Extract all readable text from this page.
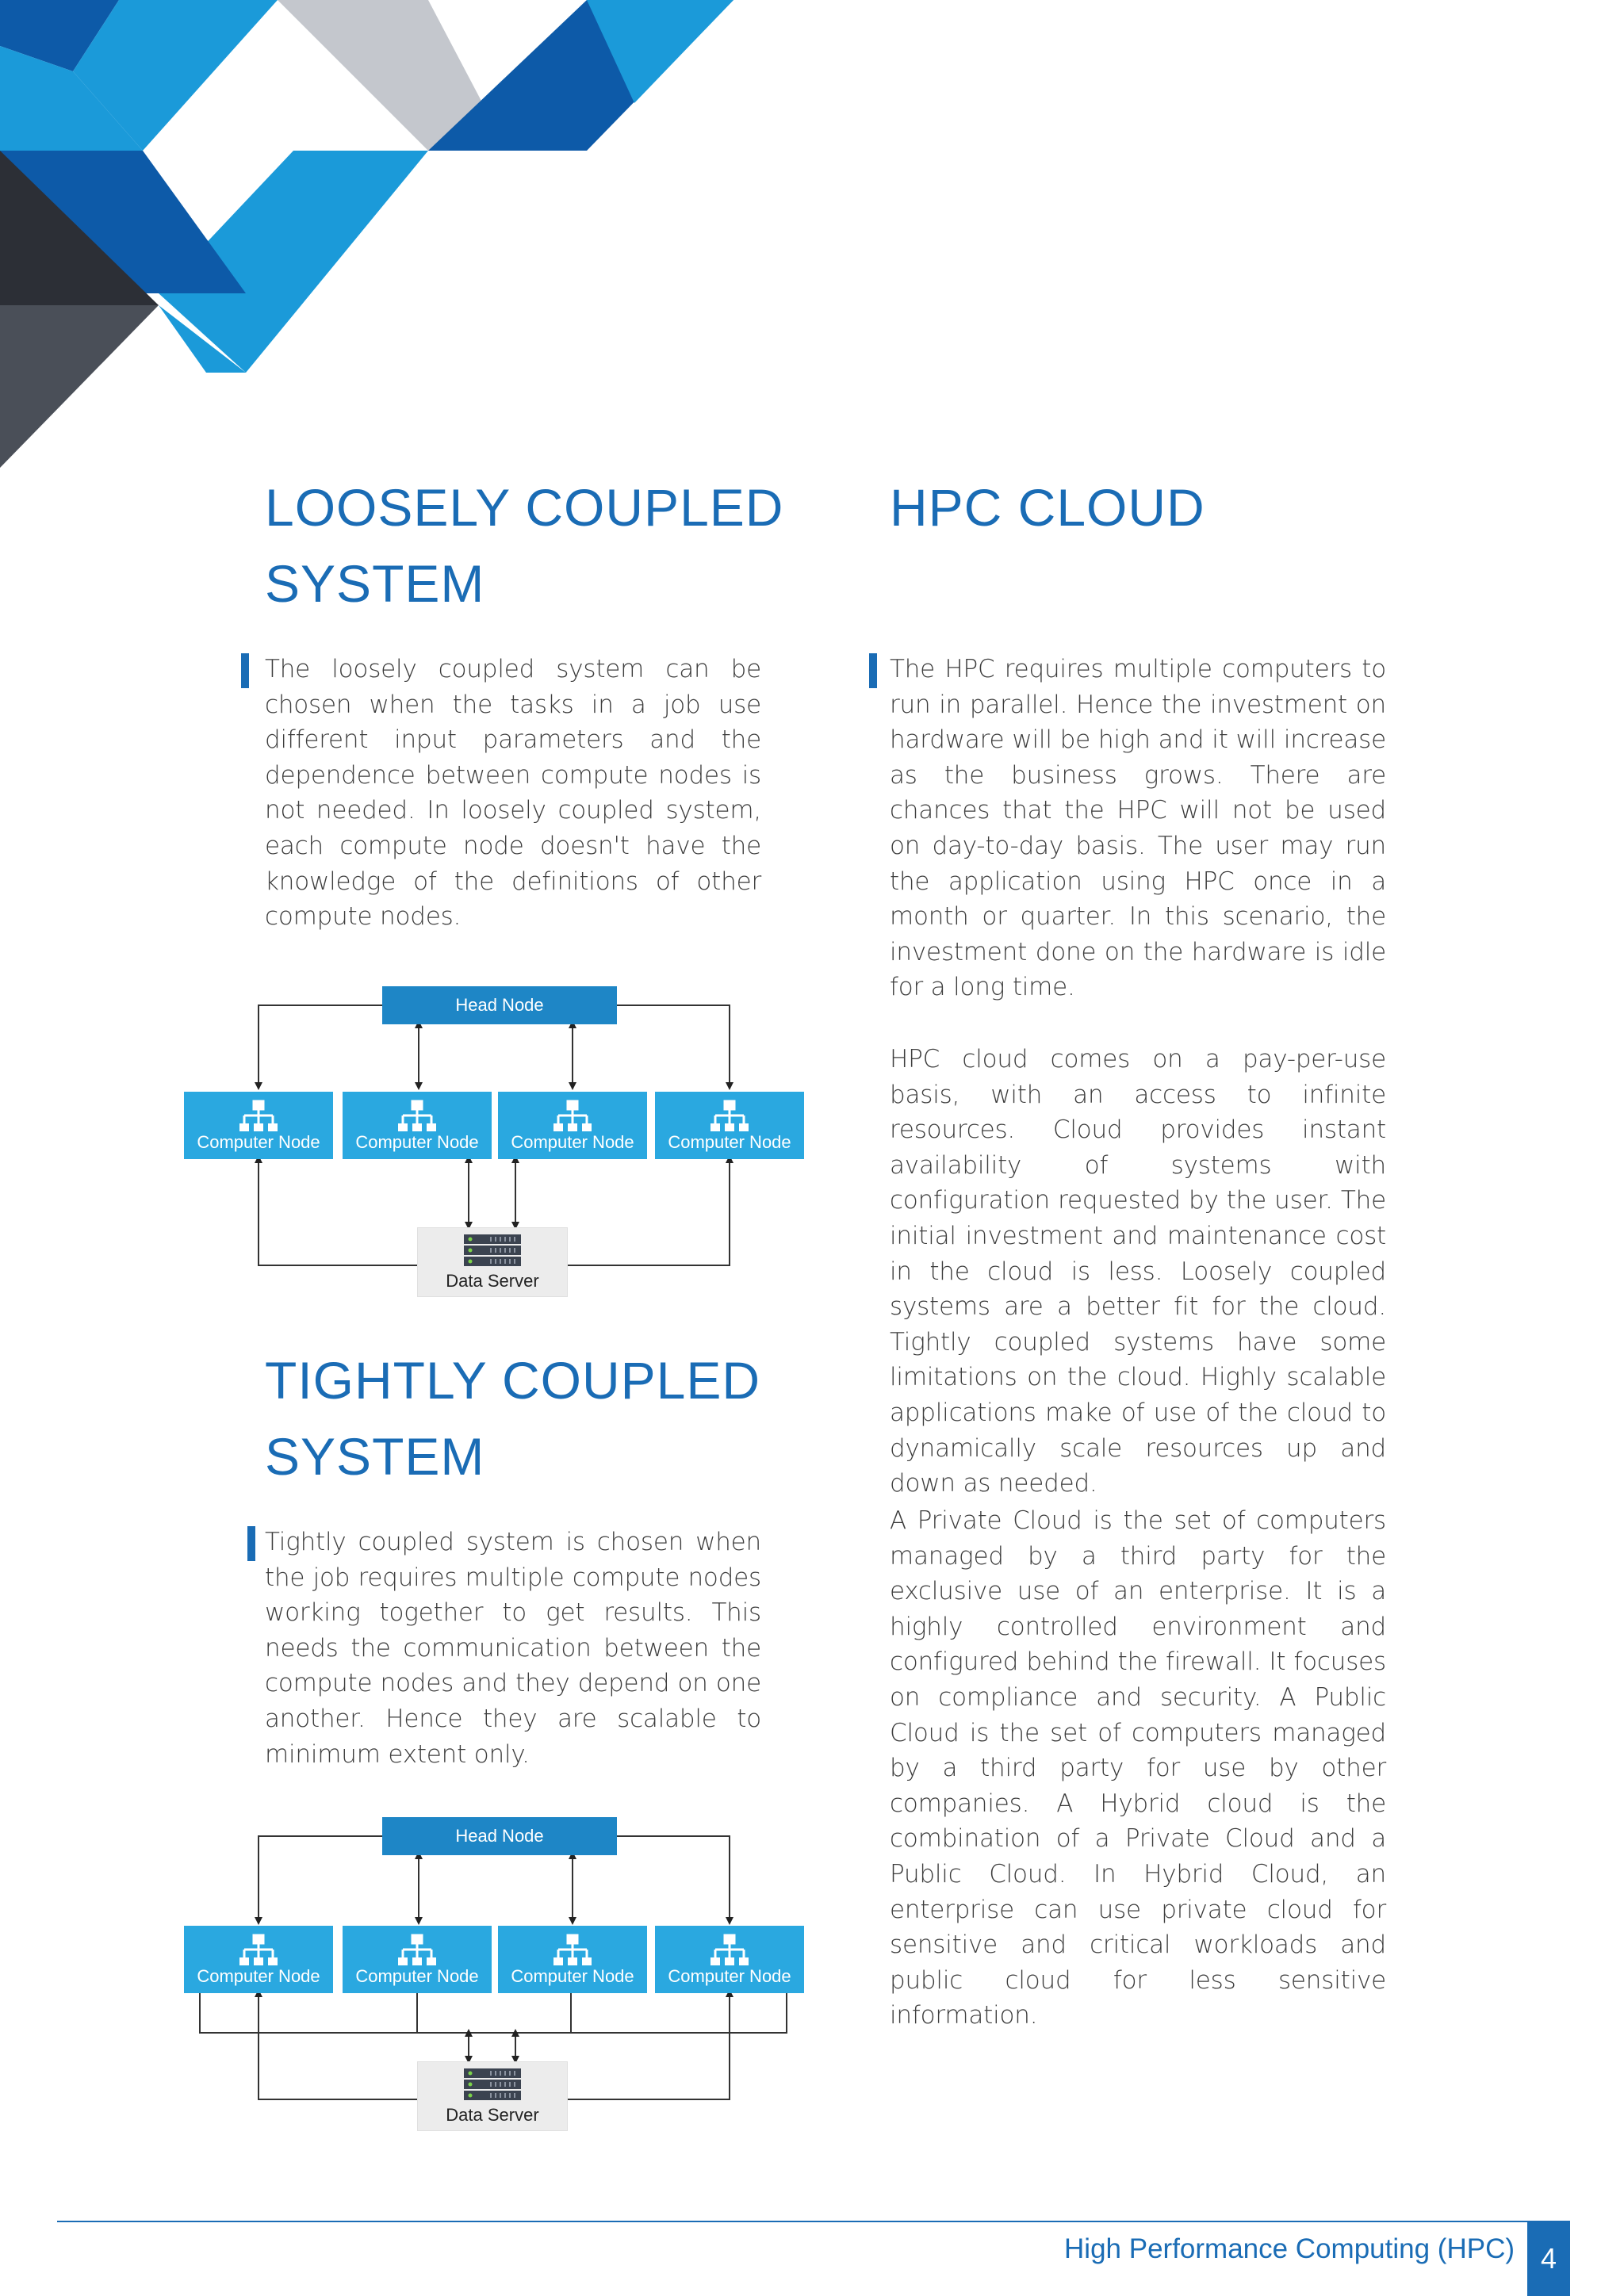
LOOSELY COUPLED
SYSTEM

The loosely coupled system can be chosen when the tasks in a job use different input parameters and the dependence between compute nodes is not needed. In loosely coupled system, each compute node doesn't have the knowledge of the definitions of other compute nodes.

Head Node
Computer Node	Computer Node	Computer Node	Computer Node
Data Server
TIGHTLY COUPLED
SYSTEM

Tightly coupled system is chosen when the job requires multiple compute nodes working together to get results. This needs the communication between the compute nodes and they depend on one another. Hence they are scalable to minimum extent only.

Head Node
Computer Node	Computer Node	Computer Node	Computer Node
Data Server
HPC CLOUD

The HPC requires multiple computers to run in parallel. Hence the investment on hardware will be high and it will increase as the business grows. There are chances that the HPC will not be used on day-to-day basis. The user may run the application using HPC once in a month or quarter. In this scenario, the investment done on the hardware is idle for a long time.

HPC cloud comes on a pay-per-use basis, with an access to infinite resources. Cloud provides instant availability of systems with configuration requested by the user. The initial investment and maintenance cost in the cloud is less. Loosely coupled systems are a better fit for the cloud. Tightly coupled systems have some limitations on the cloud. Highly scalable applications make of use of the cloud to dynamically scale resources up and down as needed.

A Private Cloud is the set of computers managed by a third party for the exclusive use of an enterprise. It is a highly controlled environment and configured behind the firewall. It focuses on compliance and security. A Public Cloud is the set of computers managed by a third party for use by other companies. A Hybrid cloud is the combination of a Private Cloud and a Public Cloud. In Hybrid Cloud, an enterprise can use private cloud for sensitive and critical workloads and public cloud for less sensitive information.

High Performance Computing (HPC) 4
